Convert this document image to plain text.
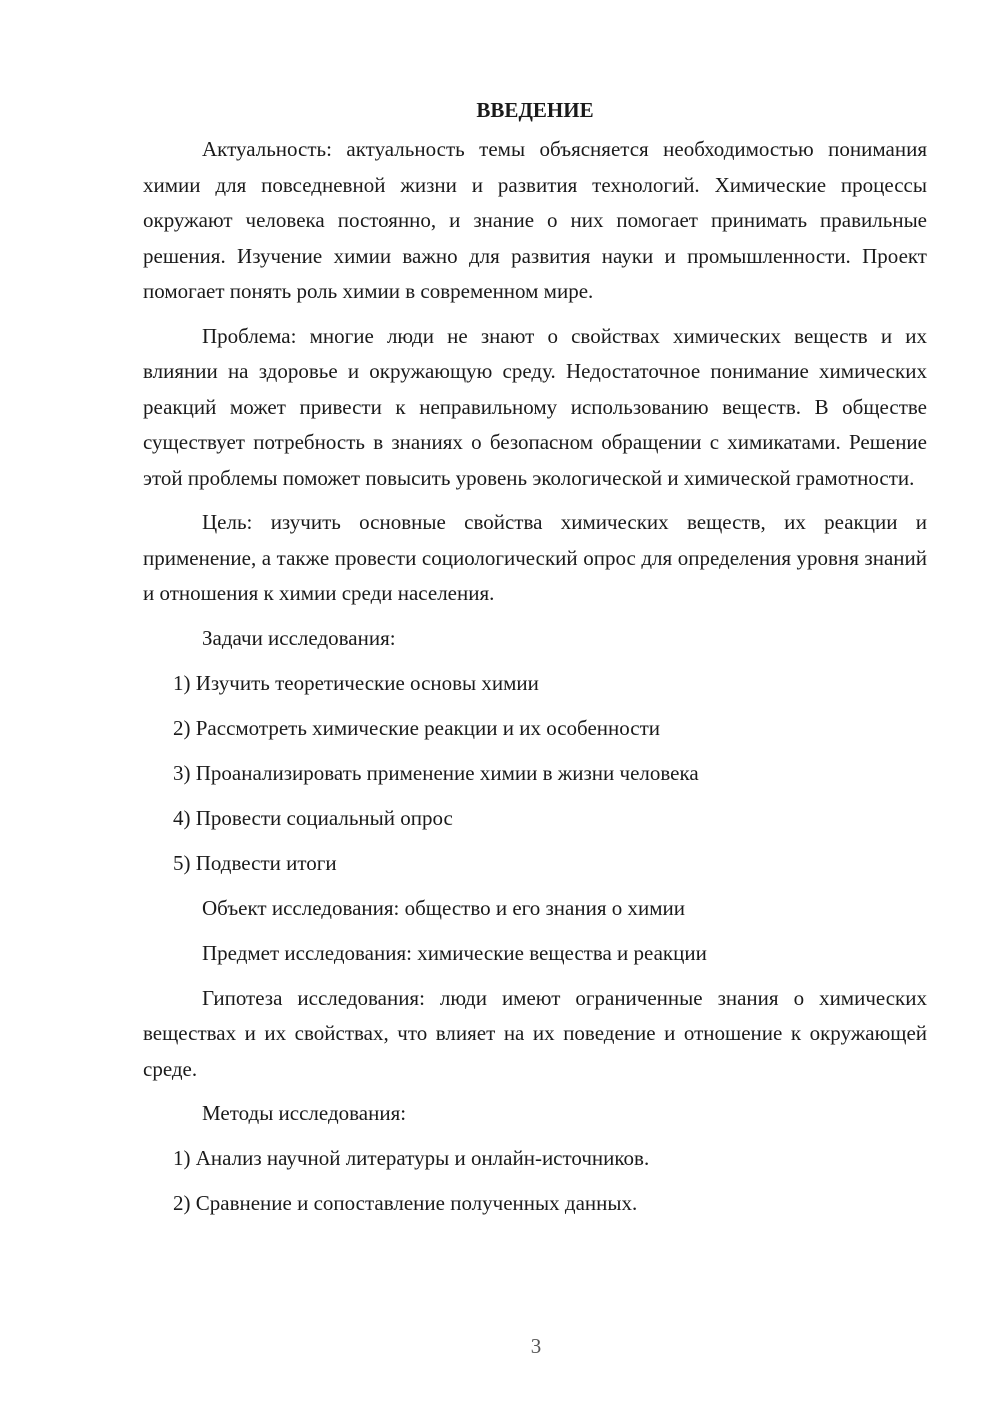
ВВЕДЕНИЕ

Актуальность: актуальность темы объясняется необходимостью понимания химии для повседневной жизни и развития технологий. Химические процессы окружают человека постоянно, и знание о них помогает принимать правильные решения. Изучение химии важно для развития науки и промышленности. Проект помогает понять роль химии в современном мире.

Проблема: многие люди не знают о свойствах химических веществ и их влиянии на здоровье и окружающую среду. Недостаточное понимание химических реакций может привести к неправильному использованию веществ. В обществе существует потребность в знаниях о безопасном обращении с химикатами. Решение этой проблемы поможет повысить уровень экологической и химической грамотности.

Цель: изучить основные свойства химических веществ, их реакции и применение, а также провести социологический опрос для определения уровня знаний и отношения к химии среди населения.

Задачи исследования:
1) Изучить теоретические основы химии
2) Рассмотреть химические реакции и их особенности
3) Проанализировать применение химии в жизни человека
4) Провести социальный опрос
5) Подвести итоги
Объект исследования: общество и его знания о химии
Предмет исследования: химические вещества и реакции

Гипотеза исследования: люди имеют ограниченные знания о химических веществах и их свойствах, что влияет на их поведение и отношение к окружающей среде.

Методы исследования:
1) Анализ научной литературы и онлайн-источников.
2) Сравнение и сопоставление полученных данных.
3
